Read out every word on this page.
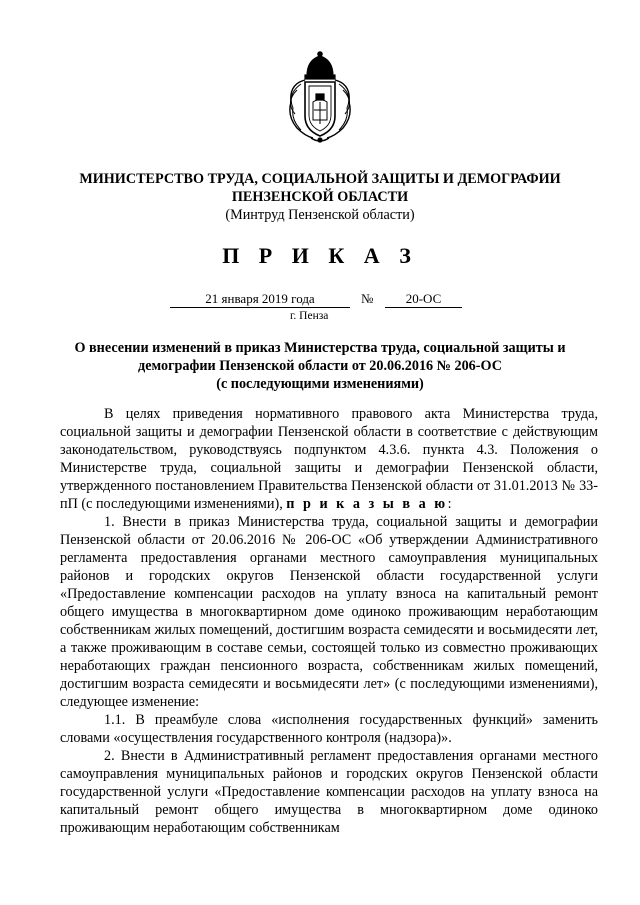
МИНИСТЕРСТВО ТРУДА, СОЦИАЛЬНОЙ ЗАЩИТЫ И ДЕМОГРАФИИ
ПЕНЗЕНСКОЙ ОБЛАСТИ
(Минтруд Пензенской области)
П Р И К А З
21 января 2019 года	№	20-ОС
г. Пенза
О внесении изменений в приказ Министерства труда, социальной защиты и
демографии Пензенской области от 20.06.2016 № 206-ОС
(с последующими изменениями)

В целях приведения нормативного правового акта Министерства труда, социальной защиты и демографии Пензенской области в соответствие с действующим законодательством, руководствуясь подпунктом 4.3.6. пункта 4.3. Положения о Министерстве труда, социальной защиты и демографии Пензенской области, утвержденного постановлением Правительства Пензенской области от 31.01.2013 № 33-пП (с последующими изменениями), п р и к а з ы в а ю:

1. Внести в приказ Министерства труда, социальной защиты и демографии Пензенской области от 20.06.2016 № 206-ОС «Об утверждении Административного регламента предоставления органами местного самоуправления муниципальных районов и городских округов Пензенской области государственной услуги «Предоставление компенсации расходов на уплату взноса на капитальный ремонт общего имущества в многоквартирном доме одиноко проживающим неработающим собственникам жилых помещений, достигшим возраста семидесяти и восьмидесяти лет, а также проживающим в составе семьи, состоящей только из совместно проживающих неработающих граждан пенсионного возраста, собственникам жилых помещений, достигшим возраста семидесяти и восьмидесяти лет» (с последующими изменениями), следующее изменение:

1.1. В преамбуле слова «исполнения государственных функций» заменить словами «осуществления государственного контроля (надзора)».

2. Внести в Административный регламент предоставления органами местного самоуправления муниципальных районов и городских округов Пензенской области государственной услуги «Предоставление компенсации расходов на уплату взноса на капитальный ремонт общего имущества в многоквартирном доме одиноко проживающим неработающим собственникам
